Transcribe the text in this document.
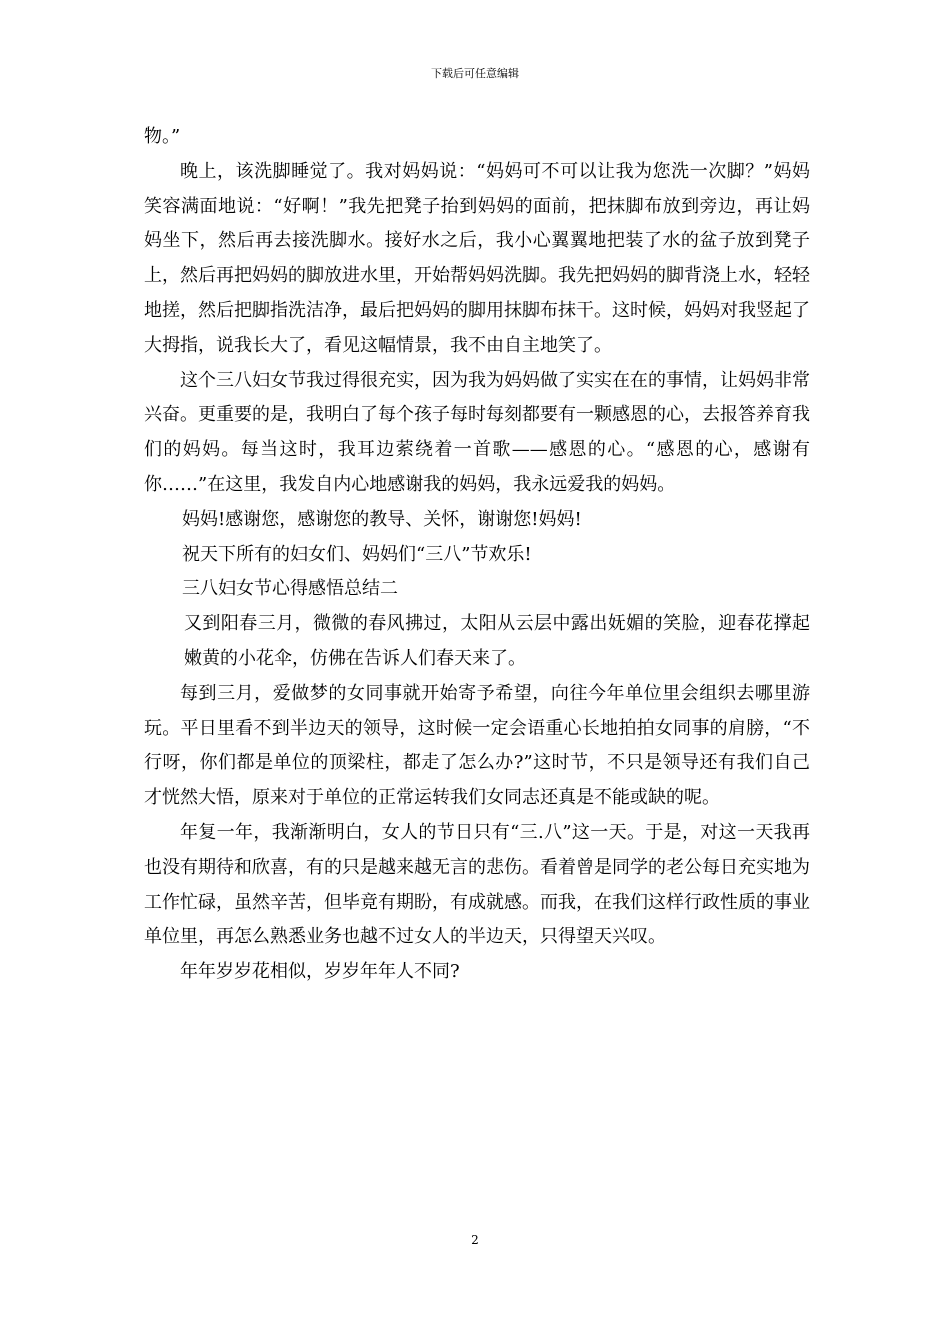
下载后可任意编辑

物。”

晚上，该洗脚睡觉了。我对妈妈说：“妈妈可不可以让我为您洗一次脚？”妈妈笑容满面地说：“好啊！”我先把凳子抬到妈妈的面前，把抹脚布放到旁边，再让妈妈坐下，然后再去接洗脚水。接好水之后，我小心翼翼地把装了水的盆子放到凳子上，然后再把妈妈的脚放进水里，开始帮妈妈洗脚。我先把妈妈的脚背浇上水，轻轻地搓，然后把脚指洗洁净，最后把妈妈的脚用抹脚布抹干。这时候，妈妈对我竖起了大拇指，说我长大了，看见这幅情景，我不由自主地笑了。

这个三八妇女节我过得很充实，因为我为妈妈做了实实在在的事情，让妈妈非常兴奋。更重要的是，我明白了每个孩子每时每刻都要有一颗感恩的心，去报答养育我们的妈妈。每当这时，我耳边萦绕着一首歌——感恩的心。“感恩的心，感谢有你……”在这里，我发自内心地感谢我的妈妈，我永远爱我的妈妈。

妈妈!感谢您，感谢您的教导、关怀，谢谢您!妈妈!

祝天下所有的妇女们、妈妈们“三八”节欢乐!

三八妇女节心得感悟总结二

又到阳春三月，微微的春风拂过，太阳从云层中露出妩媚的笑脸，迎春花撑起嫩黄的小花伞，仿佛在告诉人们春天来了。

每到三月，爱做梦的女同事就开始寄予希望，向往今年单位里会组织去哪里游玩。平日里看不到半边天的领导，这时候一定会语重心长地拍拍女同事的肩膀，“不行呀，你们都是单位的顶梁柱，都走了怎么办?”这时节，不只是领导还有我们自己才恍然大悟，原来对于单位的正常运转我们女同志还真是不能或缺的呢。

年复一年，我渐渐明白，女人的节日只有“三.八”这一天。于是，对这一天我再也没有期待和欣喜，有的只是越来越无言的悲伤。看着曾是同学的老公每日充实地为工作忙碌，虽然辛苦，但毕竟有期盼，有成就感。而我，在我们这样行政性质的事业单位里，再怎么熟悉业务也越不过女人的半边天，只得望天兴叹。

年年岁岁花相似，岁岁年年人不同?

2
